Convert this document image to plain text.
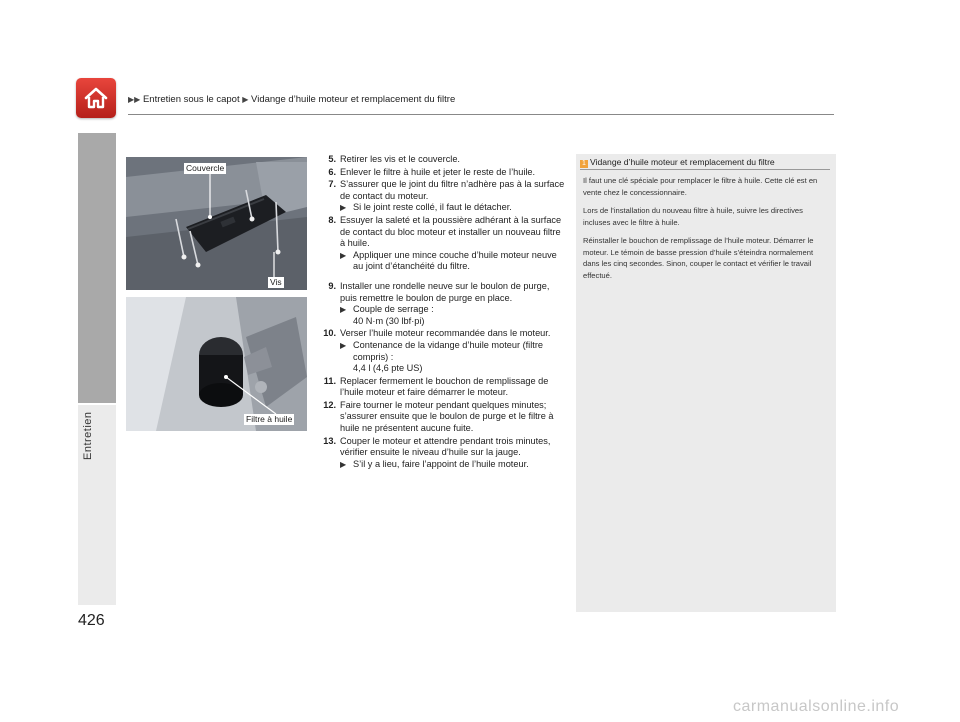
▶▶ Entretien sous le capot ▶ Vidange d’huile moteur et remplacement du filtre
Entretien
426
Couvercle
Vis
Filtre à huile
5. Retirer les vis et le couvercle.
6. Enlever le filtre à huile et jeter le reste de l’huile.
7. S’assurer que le joint du filtre n’adhère pas à la surface de contact du moteur.
▶ Si le joint reste collé, il faut le détacher.
8. Essuyer la saleté et la poussière adhérant à la surface de contact du bloc moteur et installer un nouveau filtre à huile.
▶ Appliquer une mince couche d’huile moteur neuve au joint d’étanchéité du filtre.
9. Installer une rondelle neuve sur le boulon de purge, puis remettre le boulon de purge en place.
▶ Couple de serrage :
40 N·m (30 lbf·pi)
10. Verser l’huile moteur recommandée dans le moteur.
▶ Contenance de la vidange d’huile moteur (filtre compris) :
4,4 l (4,6 pte US)
11. Replacer fermement le bouchon de remplissage de l’huile moteur et faire démarrer le moteur.
12. Faire tourner le moteur pendant quelques minutes; s’assurer ensuite que le boulon de purge et le filtre à huile ne présentent aucune fuite.
13. Couper le moteur et attendre pendant trois minutes, vérifier ensuite le niveau d’huile sur la jauge.
▶ S’il y a lieu, faire l’appoint de l’huile moteur.
1 Vidange d’huile moteur et remplacement du filtre

Il faut une clé spéciale pour remplacer le filtre à huile. Cette clé est en vente chez le concessionnaire.

Lors de l’installation du nouveau filtre à huile, suivre les directives incluses avec le filtre à huile.

Réinstaller le bouchon de remplissage de l’huile moteur. Démarrer le moteur. Le témoin de basse pression d’huile s’éteindra normalement dans les cinq secondes. Sinon, couper le contact et vérifier le travail effectué.

carmanualsonline.info
